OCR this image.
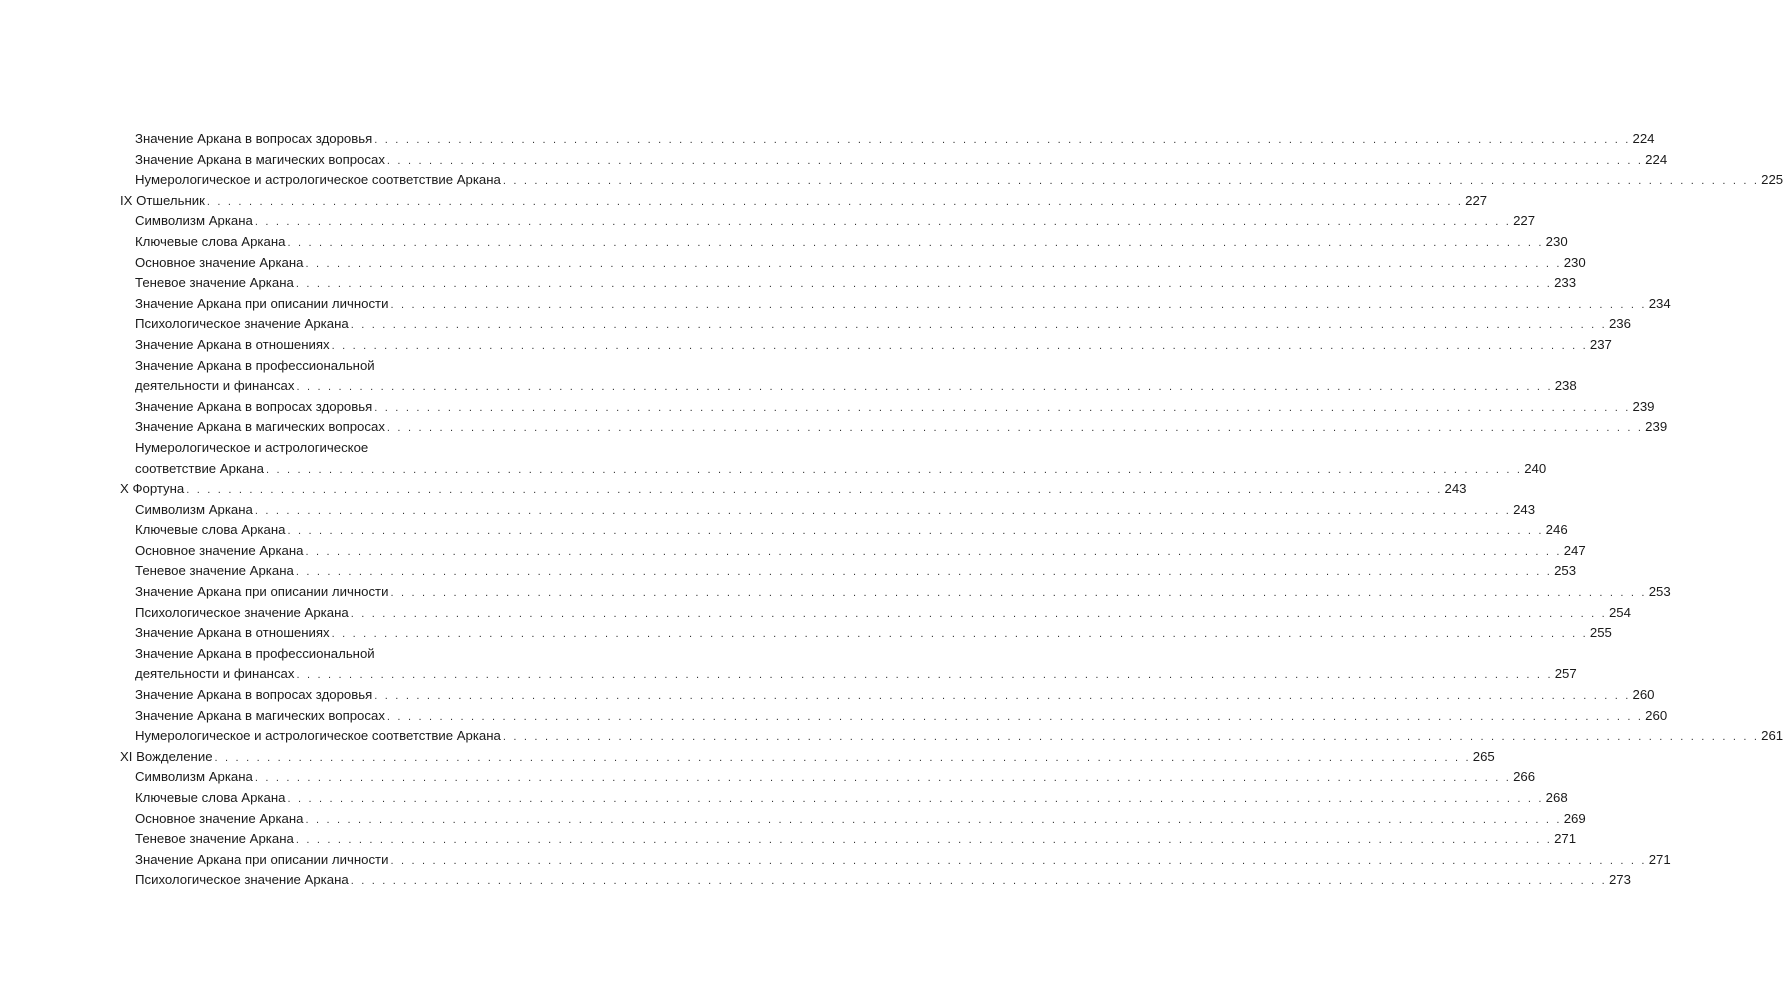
Значение Аркана в вопросах здоровья . . . . . . . . . . . . . . . . . . . . . . . . . . . . . . . . . . . . . . . . . . . . . . . . . . . . . . . . . . . . . . . . . . . . . . . . . . . . . . . . . . . . . . . . . . . . . . . . . . . . . . . . . . . . . . . . . . . . . . . . 224
Значение Аркана в магических вопросах . . . . . . . . . . . . . . . . . . . . . . . . . . . . . . . . . . . . . . . . . . . . . . . . . . . . . . . . . . . . . . . . . . . . . . . . . . . . . . . . . . . . . . . . . . . . . . . . . . . . . . . . . . . . . . . . . . . . . . . . 224
Нумерологическое и астрологическое соответствие Аркана . . . . . . . . . . . . . . . . . . . . . . . . . . . . . . . . . . . . . . . . . . . . . . . . . . . . . . . . . . . . . . . . . . . . . . . . . . . . . . . . . . . . . . . . . . . . . . . . . . . . . . . . . . . . . . . . . . . . . . . . 225
IX Отшельник . . . . . . . . . . . . . . . . . . . . . . . . . . . . . . . . . . . . . . . . . . . . . . . . . . . . . . . . . . . . . . . . . . . . . . . . . . . . . . . . . . . . . . . . . . . . . . . . . . . . . . . . . . . . . . . . . . . . . . . . 227
Символизм Аркана . . . . . . . . . . . . . . . . . . . . . . . . . . . . . . . . . . . . . . . . . . . . . . . . . . . . . . . . . . . . . . . . . . . . . . . . . . . . . . . . . . . . . . . . . . . . . . . . . . . . . . . . . . . . . . . . . . . . . . . . 227
Ключевые слова Аркана . . . . . . . . . . . . . . . . . . . . . . . . . . . . . . . . . . . . . . . . . . . . . . . . . . . . . . . . . . . . . . . . . . . . . . . . . . . . . . . . . . . . . . . . . . . . . . . . . . . . . . . . . . . . . . . . . . . . . . . . 230
Основное значение Аркана . . . . . . . . . . . . . . . . . . . . . . . . . . . . . . . . . . . . . . . . . . . . . . . . . . . . . . . . . . . . . . . . . . . . . . . . . . . . . . . . . . . . . . . . . . . . . . . . . . . . . . . . . . . . . . . . . . . . . . . . 230
Теневое значение Аркана . . . . . . . . . . . . . . . . . . . . . . . . . . . . . . . . . . . . . . . . . . . . . . . . . . . . . . . . . . . . . . . . . . . . . . . . . . . . . . . . . . . . . . . . . . . . . . . . . . . . . . . . . . . . . . . . . . . . . . . . 233
Значение Аркана при описании личности . . . . . . . . . . . . . . . . . . . . . . . . . . . . . . . . . . . . . . . . . . . . . . . . . . . . . . . . . . . . . . . . . . . . . . . . . . . . . . . . . . . . . . . . . . . . . . . . . . . . . . . . . . . . . . . . . . . . . . . . 234
Психологическое значение Аркана . . . . . . . . . . . . . . . . . . . . . . . . . . . . . . . . . . . . . . . . . . . . . . . . . . . . . . . . . . . . . . . . . . . . . . . . . . . . . . . . . . . . . . . . . . . . . . . . . . . . . . . . . . . . . . . . . . . . . . . . 236
Значение Аркана в отношениях . . . . . . . . . . . . . . . . . . . . . . . . . . . . . . . . . . . . . . . . . . . . . . . . . . . . . . . . . . . . . . . . . . . . . . . . . . . . . . . . . . . . . . . . . . . . . . . . . . . . . . . . . . . . . . . . . . . . . . . . 237
Значение Аркана в профессиональной
деятельности и финансах . . . . . . . . . . . . . . . . . . . . . . . . . . . . . . . . . . . . . . . . . . . . . . . . . . . . . . . . . . . . . . . . . . . . . . . . . . . . . . . . . . . . . . . . . . . . . . . . . . . . . . . . . . . . . . . . . . . . . . . . 238
Значение Аркана в вопросах здоровья . . . . . . . . . . . . . . . . . . . . . . . . . . . . . . . . . . . . . . . . . . . . . . . . . . . . . . . . . . . . . . . . . . . . . . . . . . . . . . . . . . . . . . . . . . . . . . . . . . . . . . . . . . . . . . . . . . . . . . . . 239
Значение Аркана в магических вопросах . . . . . . . . . . . . . . . . . . . . . . . . . . . . . . . . . . . . . . . . . . . . . . . . . . . . . . . . . . . . . . . . . . . . . . . . . . . . . . . . . . . . . . . . . . . . . . . . . . . . . . . . . . . . . . . . . . . . . . . . 239
Нумерологическое и астрологическое
соответствие Аркана . . . . . . . . . . . . . . . . . . . . . . . . . . . . . . . . . . . . . . . . . . . . . . . . . . . . . . . . . . . . . . . . . . . . . . . . . . . . . . . . . . . . . . . . . . . . . . . . . . . . . . . . . . . . . . . . . . . . . . . . 240
X Фортуна . . . . . . . . . . . . . . . . . . . . . . . . . . . . . . . . . . . . . . . . . . . . . . . . . . . . . . . . . . . . . . . . . . . . . . . . . . . . . . . . . . . . . . . . . . . . . . . . . . . . . . . . . . . . . . . . . . . . . . . . 243
Символизм Аркана . . . . . . . . . . . . . . . . . . . . . . . . . . . . . . . . . . . . . . . . . . . . . . . . . . . . . . . . . . . . . . . . . . . . . . . . . . . . . . . . . . . . . . . . . . . . . . . . . . . . . . . . . . . . . . . . . . . . . . . . 243
Ключевые слова Аркана . . . . . . . . . . . . . . . . . . . . . . . . . . . . . . . . . . . . . . . . . . . . . . . . . . . . . . . . . . . . . . . . . . . . . . . . . . . . . . . . . . . . . . . . . . . . . . . . . . . . . . . . . . . . . . . . . . . . . . . . 246
Основное значение Аркана . . . . . . . . . . . . . . . . . . . . . . . . . . . . . . . . . . . . . . . . . . . . . . . . . . . . . . . . . . . . . . . . . . . . . . . . . . . . . . . . . . . . . . . . . . . . . . . . . . . . . . . . . . . . . . . . . . . . . . . . 247
Теневое значение Аркана . . . . . . . . . . . . . . . . . . . . . . . . . . . . . . . . . . . . . . . . . . . . . . . . . . . . . . . . . . . . . . . . . . . . . . . . . . . . . . . . . . . . . . . . . . . . . . . . . . . . . . . . . . . . . . . . . . . . . . . . 253
Значение Аркана при описании личности . . . . . . . . . . . . . . . . . . . . . . . . . . . . . . . . . . . . . . . . . . . . . . . . . . . . . . . . . . . . . . . . . . . . . . . . . . . . . . . . . . . . . . . . . . . . . . . . . . . . . . . . . . . . . . . . . . . . . . . . 253
Психологическое значение Аркана . . . . . . . . . . . . . . . . . . . . . . . . . . . . . . . . . . . . . . . . . . . . . . . . . . . . . . . . . . . . . . . . . . . . . . . . . . . . . . . . . . . . . . . . . . . . . . . . . . . . . . . . . . . . . . . . . . . . . . . . 254
Значение Аркана в отношениях . . . . . . . . . . . . . . . . . . . . . . . . . . . . . . . . . . . . . . . . . . . . . . . . . . . . . . . . . . . . . . . . . . . . . . . . . . . . . . . . . . . . . . . . . . . . . . . . . . . . . . . . . . . . . . . . . . . . . . . . 255
Значение Аркана в профессиональной
деятельности и финансах . . . . . . . . . . . . . . . . . . . . . . . . . . . . . . . . . . . . . . . . . . . . . . . . . . . . . . . . . . . . . . . . . . . . . . . . . . . . . . . . . . . . . . . . . . . . . . . . . . . . . . . . . . . . . . . . . . . . . . . . 257
Значение Аркана в вопросах здоровья . . . . . . . . . . . . . . . . . . . . . . . . . . . . . . . . . . . . . . . . . . . . . . . . . . . . . . . . . . . . . . . . . . . . . . . . . . . . . . . . . . . . . . . . . . . . . . . . . . . . . . . . . . . . . . . . . . . . . . . . 260
Значение Аркана в магических вопросах . . . . . . . . . . . . . . . . . . . . . . . . . . . . . . . . . . . . . . . . . . . . . . . . . . . . . . . . . . . . . . . . . . . . . . . . . . . . . . . . . . . . . . . . . . . . . . . . . . . . . . . . . . . . . . . . . . . . . . . . 260
Нумерологическое и астрологическое соответствие Аркана . . . . . . . . . . . . . . . . . . . . . . . . . . . . . . . . . . . . . . . . . . . . . . . . . . . . . . . . . . . . . . . . . . . . . . . . . . . . . . . . . . . . . . . . . . . . . . . . . . . . . . . . . . . . . . . . . . . . . . . . 261
XI Вожделение . . . . . . . . . . . . . . . . . . . . . . . . . . . . . . . . . . . . . . . . . . . . . . . . . . . . . . . . . . . . . . . . . . . . . . . . . . . . . . . . . . . . . . . . . . . . . . . . . . . . . . . . . . . . . . . . . . . . . . . . 265
Символизм Аркана . . . . . . . . . . . . . . . . . . . . . . . . . . . . . . . . . . . . . . . . . . . . . . . . . . . . . . . . . . . . . . . . . . . . . . . . . . . . . . . . . . . . . . . . . . . . . . . . . . . . . . . . . . . . . . . . . . . . . . . . 266
Ключевые слова Аркана . . . . . . . . . . . . . . . . . . . . . . . . . . . . . . . . . . . . . . . . . . . . . . . . . . . . . . . . . . . . . . . . . . . . . . . . . . . . . . . . . . . . . . . . . . . . . . . . . . . . . . . . . . . . . . . . . . . . . . . . 268
Основное значение Аркана . . . . . . . . . . . . . . . . . . . . . . . . . . . . . . . . . . . . . . . . . . . . . . . . . . . . . . . . . . . . . . . . . . . . . . . . . . . . . . . . . . . . . . . . . . . . . . . . . . . . . . . . . . . . . . . . . . . . . . . . 269
Теневое значение Аркана . . . . . . . . . . . . . . . . . . . . . . . . . . . . . . . . . . . . . . . . . . . . . . . . . . . . . . . . . . . . . . . . . . . . . . . . . . . . . . . . . . . . . . . . . . . . . . . . . . . . . . . . . . . . . . . . . . . . . . . . 271
Значение Аркана при описании личности . . . . . . . . . . . . . . . . . . . . . . . . . . . . . . . . . . . . . . . . . . . . . . . . . . . . . . . . . . . . . . . . . . . . . . . . . . . . . . . . . . . . . . . . . . . . . . . . . . . . . . . . . . . . . . . . . . . . . . . . 271
Психологическое значение Аркана . . . . . . . . . . . . . . . . . . . . . . . . . . . . . . . . . . . . . . . . . . . . . . . . . . . . . . . . . . . . . . . . . . . . . . . . . . . . . . . . . . . . . . . . . . . . . . . . . . . . . . . . . . . . . . . . . . . . . . . . 273
